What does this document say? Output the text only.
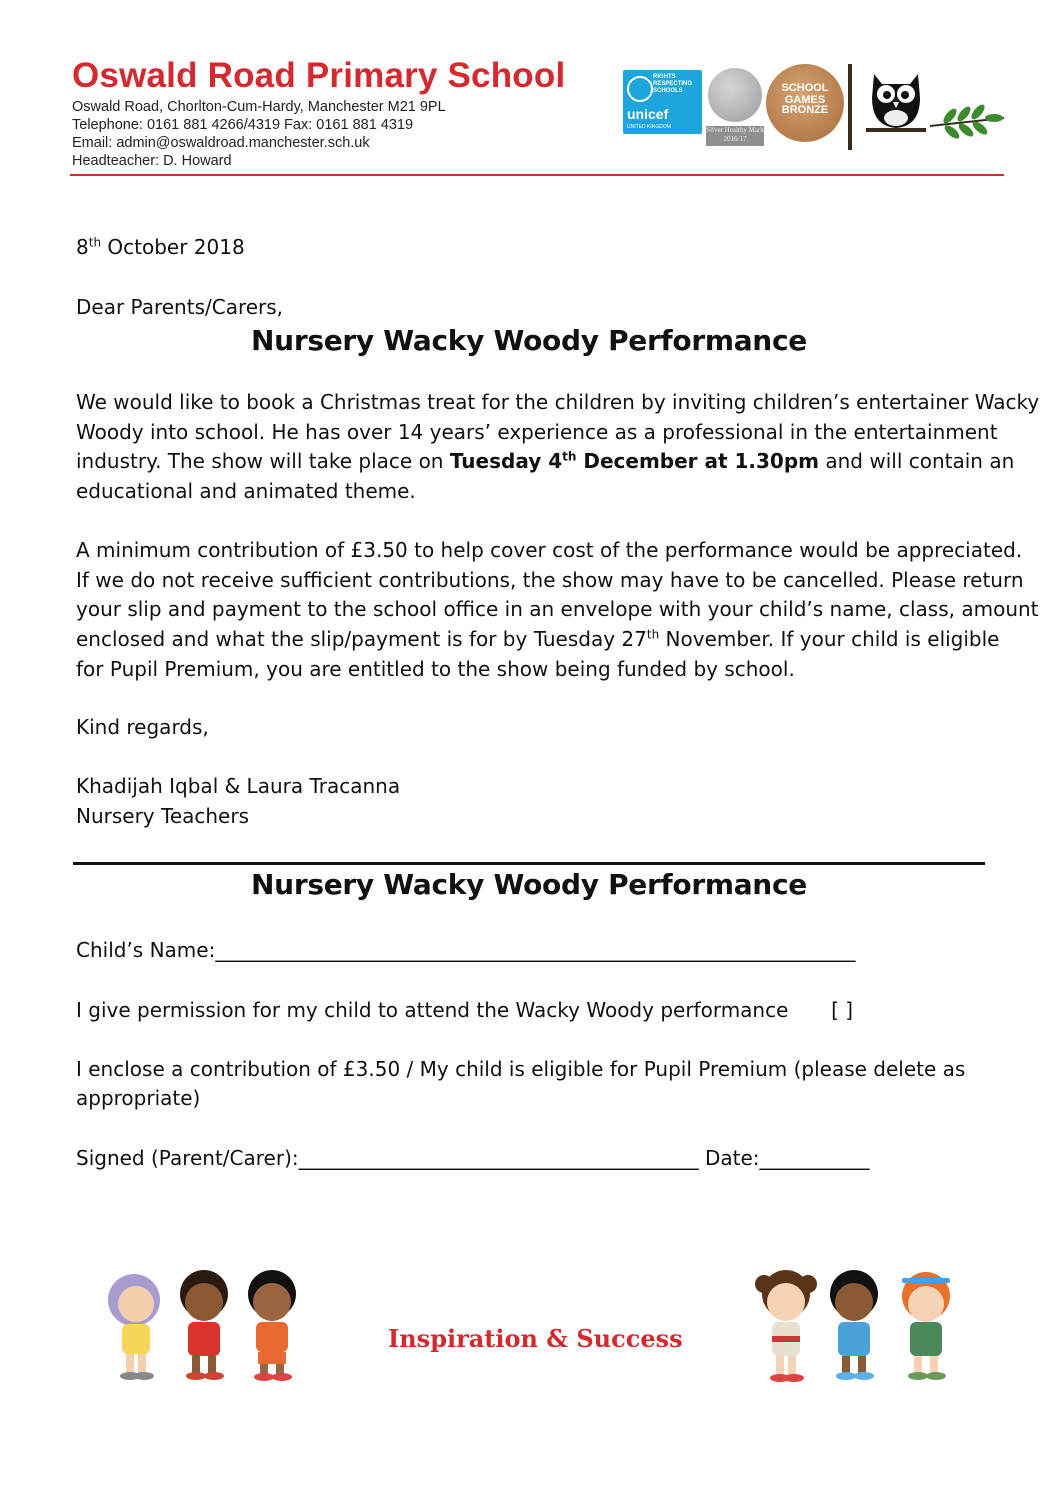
Oswald Road Primary School
Oswald Road, Chorlton-Cum-Hardy, Manchester M21 9PL
Telephone: 0161 881 4266/4319 Fax: 0161 881 4319
Email: admin@oswaldroad.manchester.sch.uk
Headteacher: D. Howard
RIGHTS RESPECTING SCHOOLS
unicef
UNITED KINGDOM	Silver Healthy Mark 2016/17
SCHOOL GAMES
BRONZE
8th October 2018
Dear Parents/Carers,
Nursery Wacky Woody Performance
We would like to book a Christmas treat for the children by inviting children’s entertainer Wacky
Woody into school. He has over 14 years’ experience as a professional in the entertainment
industry. The show will take place on Tuesday 4th December at 1.30pm and will contain an
educational and animated theme.
A minimum contribution of £3.50 to help cover cost of the performance would be appreciated.
If we do not receive sufficient contributions, the show may have to be cancelled. Please return
your slip and payment to the school office in an envelope with your child’s name, class, amount
enclosed and what the slip/payment is for by Tuesday 27th November. If your child is eligible
for Pupil Premium, you are entitled to the show being funded by school.
Kind regards,
Khadijah Iqbal & Laura Tracanna
Nursery Teachers
Nursery Wacky Woody Performance
Child’s Name:________________________________________________________________
I give permission for my child to attend the Wacky Woody performance [ ]
I enclose a contribution of £3.50 / My child is eligible for Pupil Premium (please delete as
appropriate)
Signed (Parent/Carer):________________________________________ Date:___________
Inspiration & Success
